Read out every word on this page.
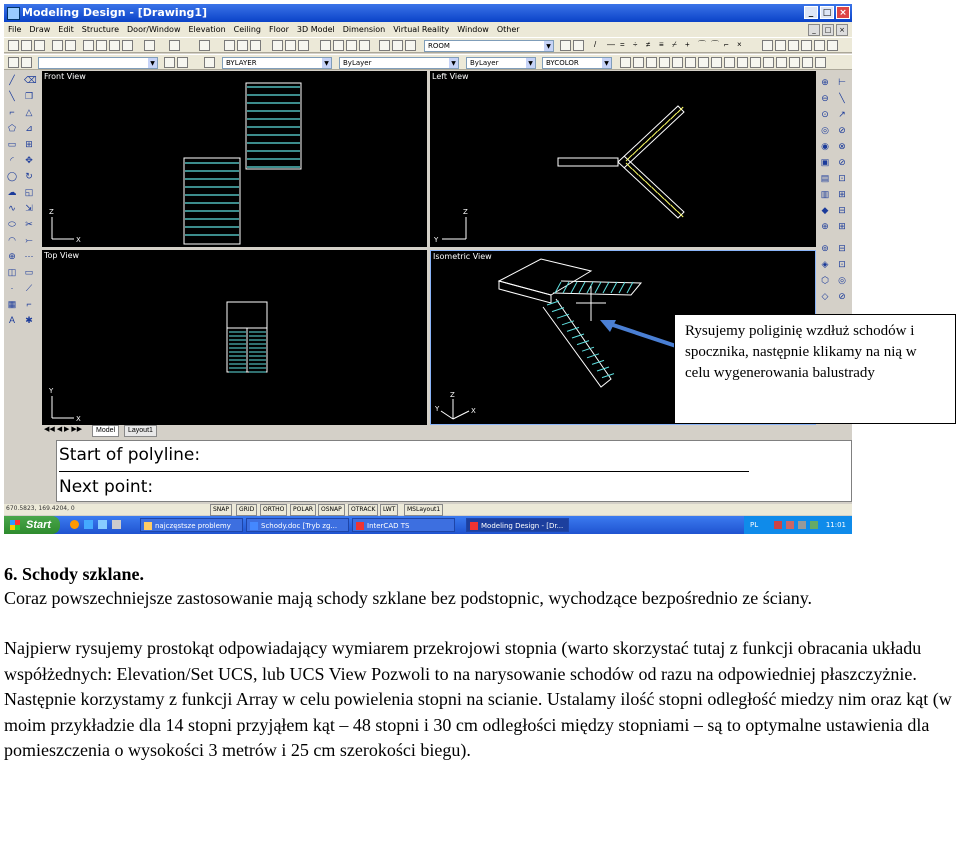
Modeling Design - [Drawing1]	_	□ ×
File	Draw	Edit	Structure	Door/Window	Elevation	Ceiling	Floor	3D Model	Dimension	Virtual Reality	Window	Other	_	□	×
ROOM	▼	/	— =	÷	≠	≡	⌿	+	⌒ ⌒ ⌐	×
▼	BYLAYER	▼	ByLayer	▼	ByLayer	▼	BYCOLOR	▼
╱ ⌫
╲ ❐
⌐ △
⬠ ⊿
▭ ⊞
◜	✥
◯ ↻
☁ ◱
∿ ⇲
⬭ ✂
◠ ⤚
⊕ ⋯
◫ ▭
·	⟋
▦ ⌐
A ✱
⊕ ⊢
⊖ ╲
⊙ ↗
◎ ⊘
◉ ⊗
▣ ⊘
▤ ⊡
▥ ⊞
◆ ⊟
⊕ ⊞
⊚ ⊟
◈ ⊡
⬡ ◎
◇ ⊘
Front View
X
Z
Left View
Y
Z
Top View
X
Y
Isometric View
X
Z
Y
◀◀ ◀ ▶ ▶▶	Model	Layout1
Start of polyline:
Next point:
670.5823, 169.4204, 0	SNAP	GRID	ORTHO	POLAR	OSNAP	OTRACK	LWT	MSLayout1
Start	najczęstsze problemy	Schody.doc [Tryb zg...	InterCAD TS	Modeling Design - [Dr...	PL	11:01
Rysujemy poliginię wzdłuż schodów i spocznika, następnie klikamy na nią w celu wygenerowania balustrady
6. Schody szklane.
Coraz powszechniejsze zastosowanie mają schody szklane bez podstopnic, wychodzące bezpośrednio ze ściany.
Najpierw rysujemy prostokąt odpowiadający wymiarem przekrojowi stopnia (warto skorzystać tutaj z funkcji obracania układu współżednych: Elevation/Set UCS, lub UCS View Pozwoli to na narysowanie schodów od razu na odpowiedniej płaszczyżnie. Następnie korzystamy z funkcji Array w celu powielenia stopni na scianie. Ustalamy ilość stopni odległość miedzy nim oraz kąt (w moim przykładzie dla 14 stopni przyjąłem kąt – 48 stopni i 30 cm odległości między stopniami – są to optymalne ustawienia dla pomieszczenia o wysokości 3 metrów i 25 cm szerokości biegu).
